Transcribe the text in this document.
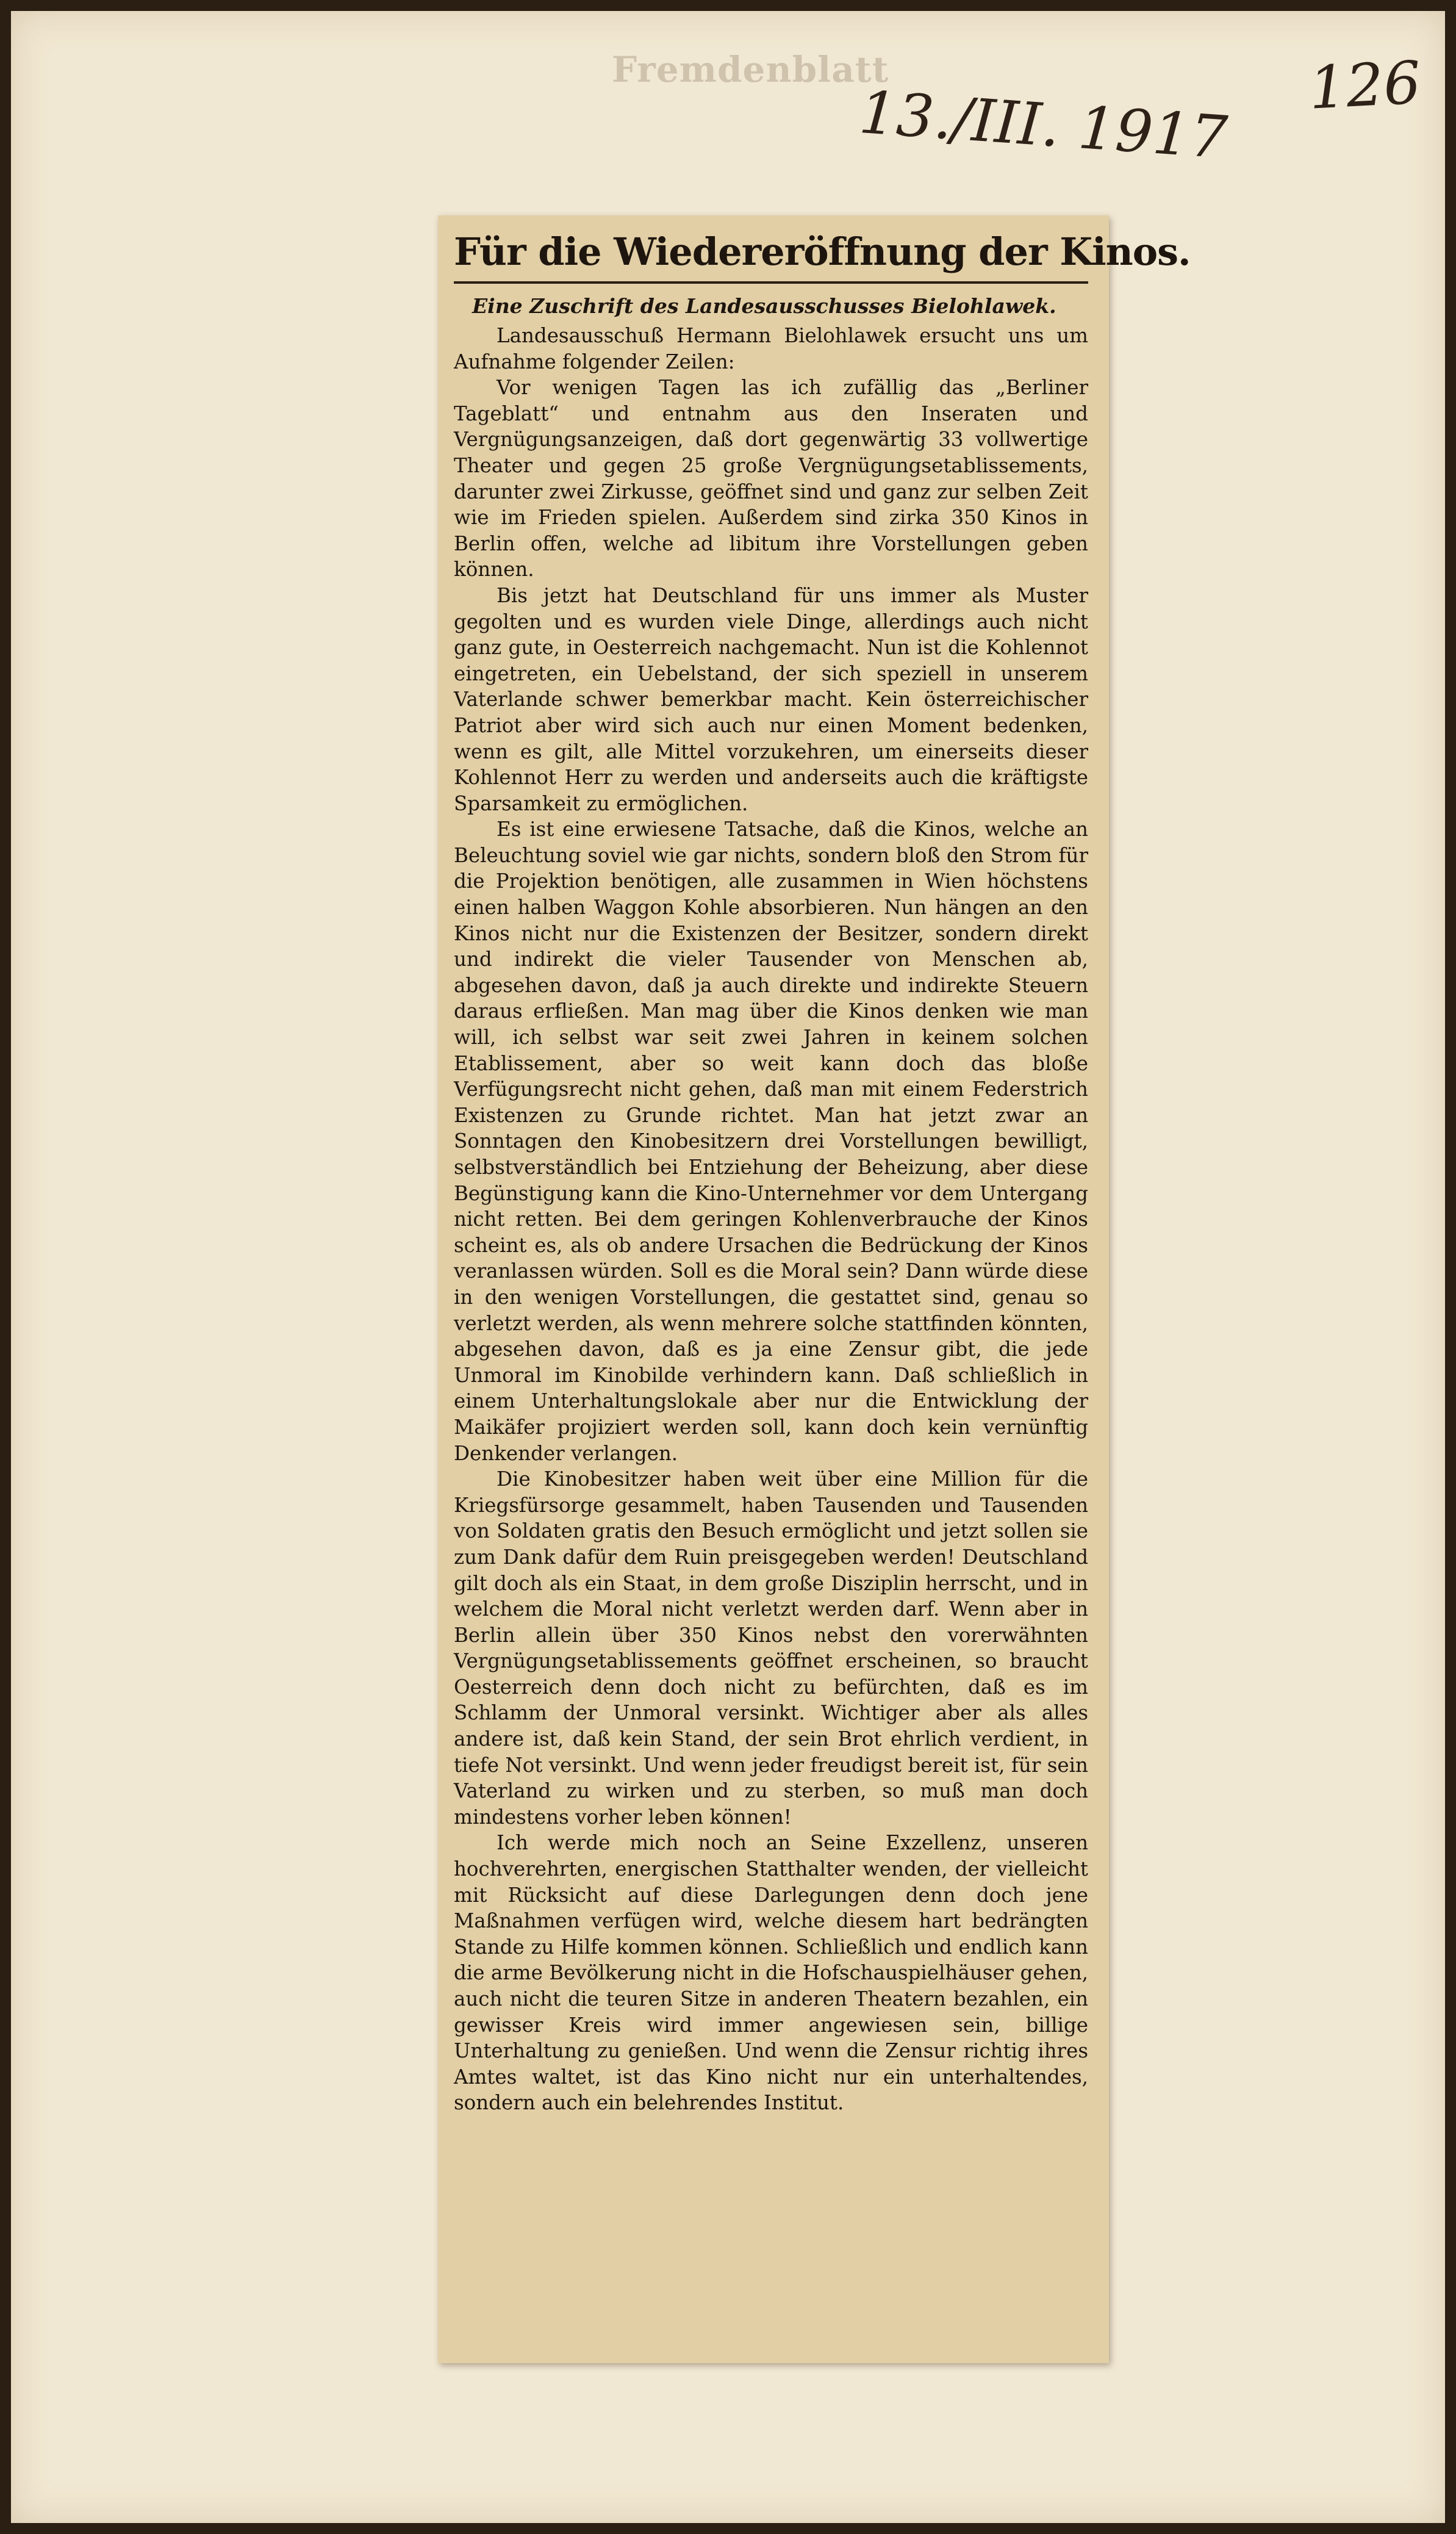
Fremdenblatt
13./III. 1917 126
Für die Wiedereröffnung der Kinos.
Eine Zuschrift des Landesausschusses Bielohlawek.

Landesausschuß Hermann Bielohlawek ersucht uns um Aufnahme folgender Zeilen:

Vor wenigen Tagen las ich zufällig das „Berliner Tageblatt“ und entnahm aus den Inseraten und Vergnügungsanzeigen, daß dort gegenwärtig 33 vollwertige Theater und gegen 25 große Vergnügungsetablissements, darunter zwei Zirkusse, geöffnet sind und ganz zur selben Zeit wie im Frieden spielen. Außerdem sind zirka 350 Kinos in Berlin offen, welche ad libitum ihre Vorstellungen geben können.

Bis jetzt hat Deutschland für uns immer als Muster gegolten und es wurden viele Dinge, allerdings auch nicht ganz gute, in Oesterreich nachgemacht. Nun ist die Kohlennot eingetreten, ein Uebelstand, der sich speziell in unserem Vaterlande schwer bemerkbar macht. Kein österreichischer Patriot aber wird sich auch nur einen Moment bedenken, wenn es gilt, alle Mittel vorzukehren, um einerseits dieser Kohlennot Herr zu werden und anderseits auch die kräftigste Sparsamkeit zu ermöglichen.

Es ist eine erwiesene Tatsache, daß die Kinos, welche an Beleuchtung soviel wie gar nichts, sondern bloß den Strom für die Projektion benötigen, alle zusammen in Wien höchstens einen halben Waggon Kohle absorbieren. Nun hängen an den Kinos nicht nur die Existenzen der Besitzer, sondern direkt und indirekt die vieler Tausender von Menschen ab, abgesehen davon, daß ja auch direkte und indirekte Steuern daraus erfließen. Man mag über die Kinos denken wie man will, ich selbst war seit zwei Jahren in keinem solchen Etablissement, aber so weit kann doch das bloße Verfügungsrecht nicht gehen, daß man mit einem Federstrich Existenzen zu Grunde richtet. Man hat jetzt zwar an Sonntagen den Kinobesitzern drei Vorstellungen bewilligt, selbstverständlich bei Entziehung der Beheizung, aber diese Begünstigung kann die Kino-Unternehmer vor dem Untergang nicht retten. Bei dem geringen Kohlenverbrauche der Kinos scheint es, als ob andere Ursachen die Bedrückung der Kinos veranlassen würden. Soll es die Moral sein? Dann würde diese in den wenigen Vorstellungen, die gestattet sind, genau so verletzt werden, als wenn mehrere solche stattfinden könnten, abgesehen davon, daß es ja eine Zensur gibt, die jede Unmoral im Kinobilde verhindern kann. Daß schließlich in einem Unterhaltungslokale aber nur die Entwicklung der Maikäfer projiziert werden soll, kann doch kein vernünftig Denkender verlangen.

Die Kinobesitzer haben weit über eine Million für die Kriegsfürsorge gesammelt, haben Tausenden und Tausenden von Soldaten gratis den Besuch ermöglicht und jetzt sollen sie zum Dank dafür dem Ruin preisgegeben werden! Deutschland gilt doch als ein Staat, in dem große Disziplin herrscht, und in welchem die Moral nicht verletzt werden darf. Wenn aber in Berlin allein über 350 Kinos nebst den vorerwähnten Vergnügungsetablissements geöffnet erscheinen, so braucht Oesterreich denn doch nicht zu befürchten, daß es im Schlamm der Unmoral versinkt. Wichtiger aber als alles andere ist, daß kein Stand, der sein Brot ehrlich verdient, in tiefe Not versinkt. Und wenn jeder freudigst bereit ist, für sein Vaterland zu wirken und zu sterben, so muß man doch mindestens vorher leben können!

Ich werde mich noch an Seine Exzellenz, unseren hochverehrten, energischen Statthalter wenden, der vielleicht mit Rücksicht auf diese Darlegungen denn doch jene Maßnahmen verfügen wird, welche diesem hart bedrängten Stande zu Hilfe kommen können. Schließlich und endlich kann die arme Bevölkerung nicht in die Hofschauspielhäuser gehen, auch nicht die teuren Sitze in anderen Theatern bezahlen, ein gewisser Kreis wird immer angewiesen sein, billige Unterhaltung zu genießen. Und wenn die Zensur richtig ihres Amtes waltet, ist das Kino nicht nur ein unterhaltendes, sondern auch ein belehrendes Institut.
